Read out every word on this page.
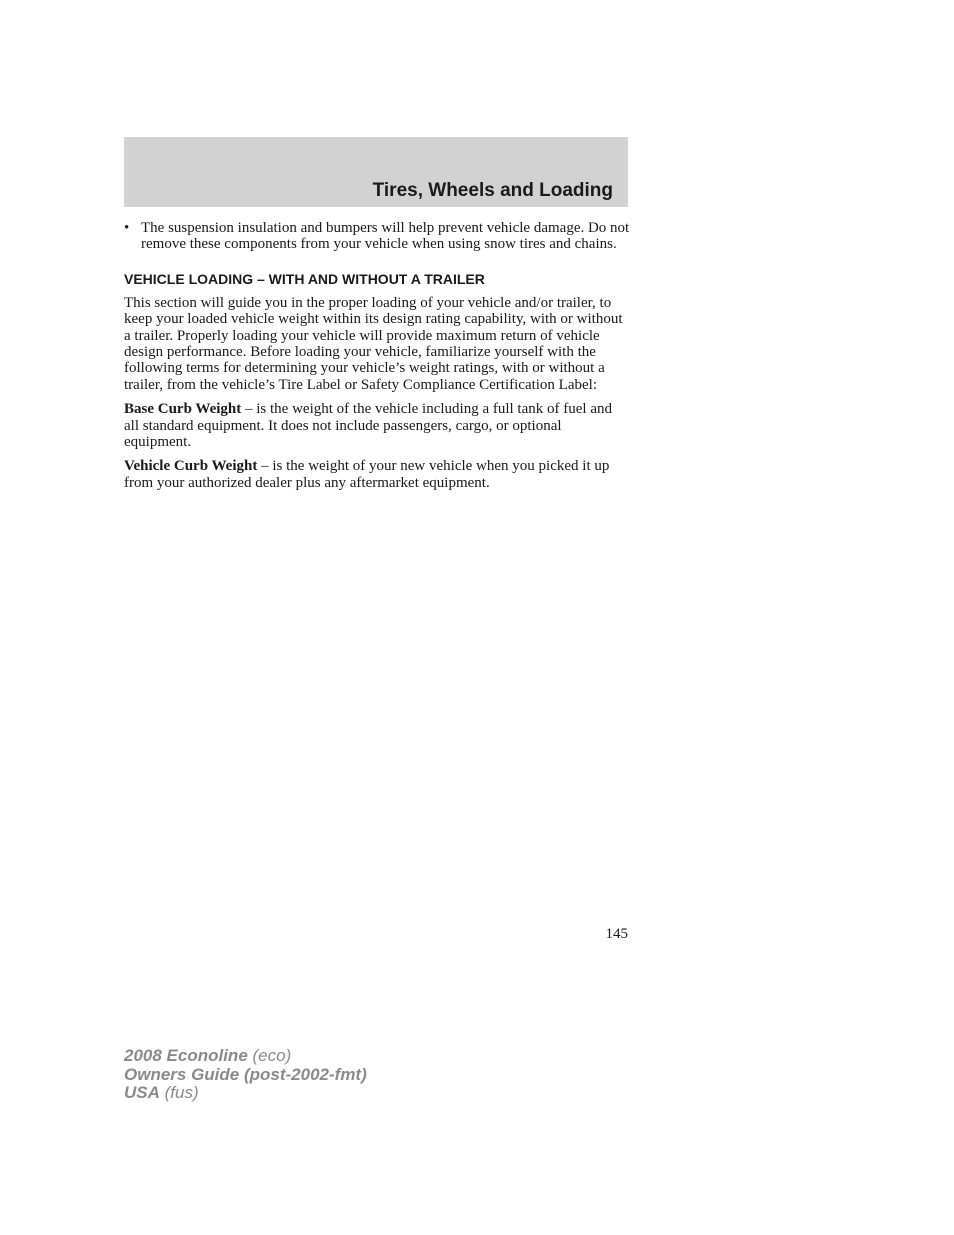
Tires, Wheels and Loading

• The suspension insulation and bumpers will help prevent vehicle damage. Do not remove these components from your vehicle when using snow tires and chains.

VEHICLE LOADING – WITH AND WITHOUT A TRAILER

This section will guide you in the proper loading of your vehicle and/or trailer, to keep your loaded vehicle weight within its design rating capability, with or without a trailer. Properly loading your vehicle will provide maximum return of vehicle design performance. Before loading your vehicle, familiarize yourself with the following terms for determining your vehicle’s weight ratings, with or without a trailer, from the vehicle’s Tire Label or Safety Compliance Certification Label:

Base Curb Weight – is the weight of the vehicle including a full tank of fuel and all standard equipment. It does not include passengers, cargo, or optional equipment.

Vehicle Curb Weight – is the weight of your new vehicle when you picked it up from your authorized dealer plus any aftermarket equipment.

145
2008 Econoline (eco)
Owners Guide (post-2002-fmt)
USA (fus)
